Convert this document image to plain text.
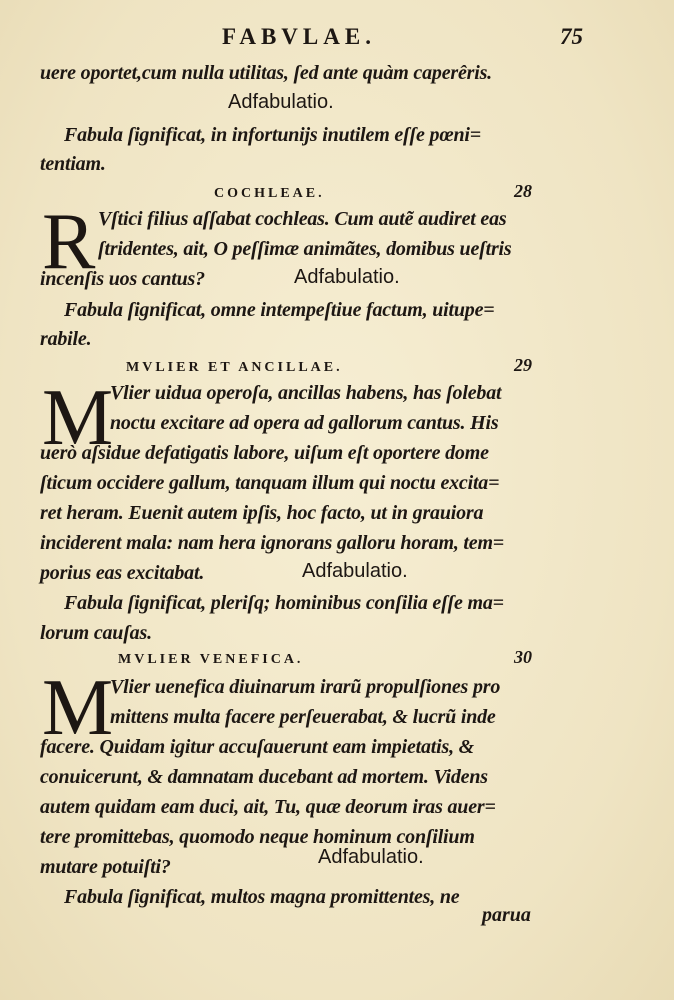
FABVLAE.	75
uere oportet,cum nulla utilitas, ſed ante quàm caperêris.
Adfabulatio.
Fabula ſignificat, in infortunijs inutilem eſſe pœni=
tentiam.
COCHLEAE.	28
R Vſtici filius aſſabat cochleas. Cum autẽ audiret eas
ſtridentes, ait, O peſſimæ animãtes, domibus ueſtris
incenſis uos cantus?	Adfabulatio.
Fabula ſignificat, omne intempeſtiue factum, uitupe=
rabile.
MVLIER ET ANCILLAE.	29
M
Vlier uidua operoſa, ancillas habens, has ſolebat
noctu excitare ad opera ad gallorum cantus. His
uerò aſsidue defatigatis labore, uiſum eſt oportere dome
ſticum occidere gallum, tanquam illum qui noctu excita=
ret heram. Euenit autem ipſis, hoc facto, ut in grauiora
inciderent mala: nam hera ignorans galloru horam, tem=
porius eas excitabat.	Adfabulatio.
Fabula ſignificat, pleriſq; hominibus conſilia eſſe ma=
lorum cauſas.
MVLIER VENEFICA.	30
M
Vlier uenefica diuinarum irarũ propulſiones pro
mittens multa facere perſeuerabat, & lucrũ inde
facere. Quidam igitur accuſauerunt eam impietatis, &
conuicerunt, & damnatam ducebant ad mortem. Videns
autem quidam eam duci, ait, Tu, quæ deorum iras auer=
tere promittebas, quomodo neque hominum conſilium
mutare potuiſti?	Adfabulatio.
Fabula ſignificat, multos magna promittentes, ne
parua
